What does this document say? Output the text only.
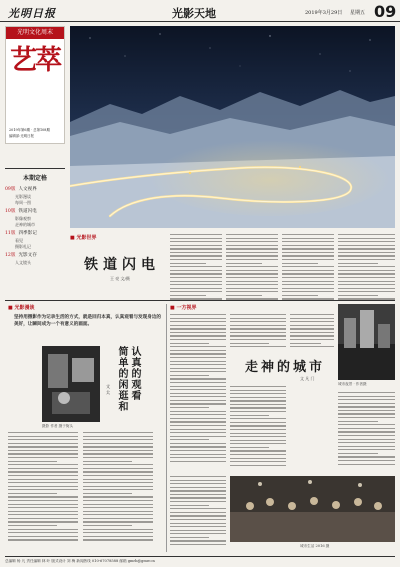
光明日报	光影天地	2019年3月29日 星期五 09
光明文化周末
艺萃
2019年第6期 · 总第108期
编辑部:光明日报
本期定格
09版 人文视界
光影漫谈
每周一图
10版 铁道闪电
影像观察
走神的城市
11版 四季影记
看见
摄影札记
12版 光影文存
人文镜头
■ 光影世界
铁道闪电
王 亮 文/摄
■ 光影漫谈
坚持用摄影作为记录生活的方式，就是回归本真，认真观看与发现身边的美好，让瞬间成为一个有意义的画面。
摄影 作者 摄于街头
认真的观看
简单的闲逛和
文 太
■ 一方视界
走神的城市
文 凡 门
城市夜景 · 作者摄
城市生活 2016 摄
总编辑 杨 凡 责任编辑 林 叶 版式设计 刘 梅 新闻热线 010-67078588 邮箱 gmrb@gmw.cn
